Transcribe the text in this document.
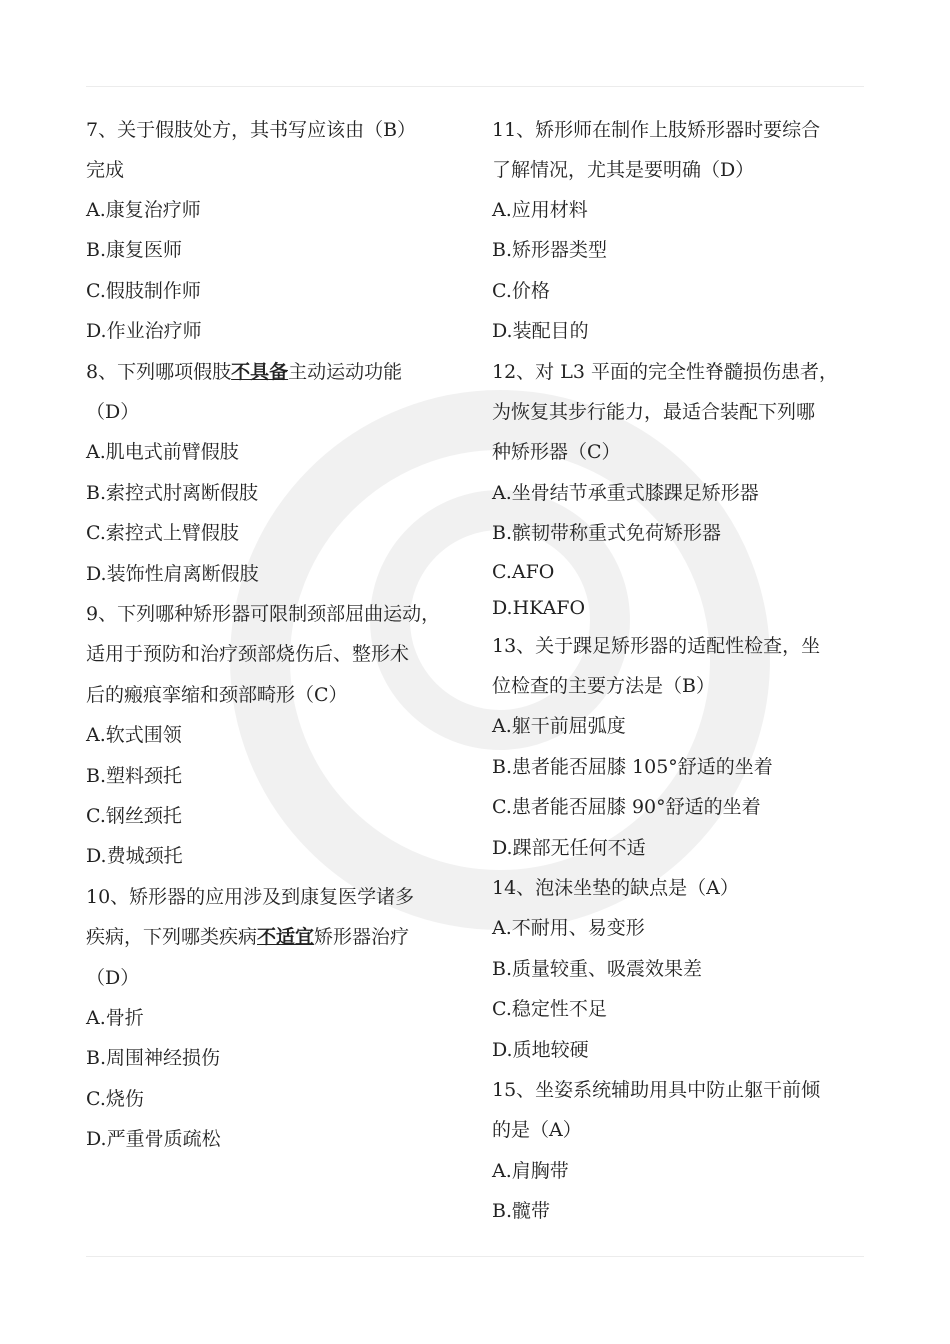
7、关于假肢处方，其书写应该由（B）

完成

A.康复治疗师

B.康复医师

C.假肢制作师

D.作业治疗师

8、下列哪项假肢不具备主动运动功能

（D）

A.肌电式前臂假肢

B.索控式肘离断假肢

C.索控式上臂假肢

D.装饰性肩离断假肢

9、下列哪种矫形器可限制颈部屈曲运动，

适用于预防和治疗颈部烧伤后、整形术

后的瘢痕挛缩和颈部畸形（C）

A.软式围领

B.塑料颈托

C.钢丝颈托

D.费城颈托

10、矫形器的应用涉及到康复医学诸多

疾病，下列哪类疾病不适宜矫形器治疗

（D）

A.骨折

B.周围神经损伤

C.烧伤

D.严重骨质疏松

11、矫形师在制作上肢矫形器时要综合

了解情况，尤其是要明确（D）

A.应用材料

B.矫形器类型

C.价格

D.装配目的

12、对 L3 平面的完全性脊髓损伤患者，

为恢复其步行能力，最适合装配下列哪

种矫形器（C）

A.坐骨结节承重式膝踝足矫形器

B.髌韧带称重式免荷矫形器

C.AFO

D.HKAFO

13、关于踝足矫形器的适配性检查，坐

位检查的主要方法是（B）

A.躯干前屈弧度

B.患者能否屈膝 105°舒适的坐着

C.患者能否屈膝 90°舒适的坐着

D.踝部无任何不适

14、泡沫坐垫的缺点是（A）

A.不耐用、易变形

B.质量较重、吸震效果差

C.稳定性不足

D.质地较硬

15、坐姿系统辅助用具中防止躯干前倾

的是（A）

A.肩胸带

B.髋带
